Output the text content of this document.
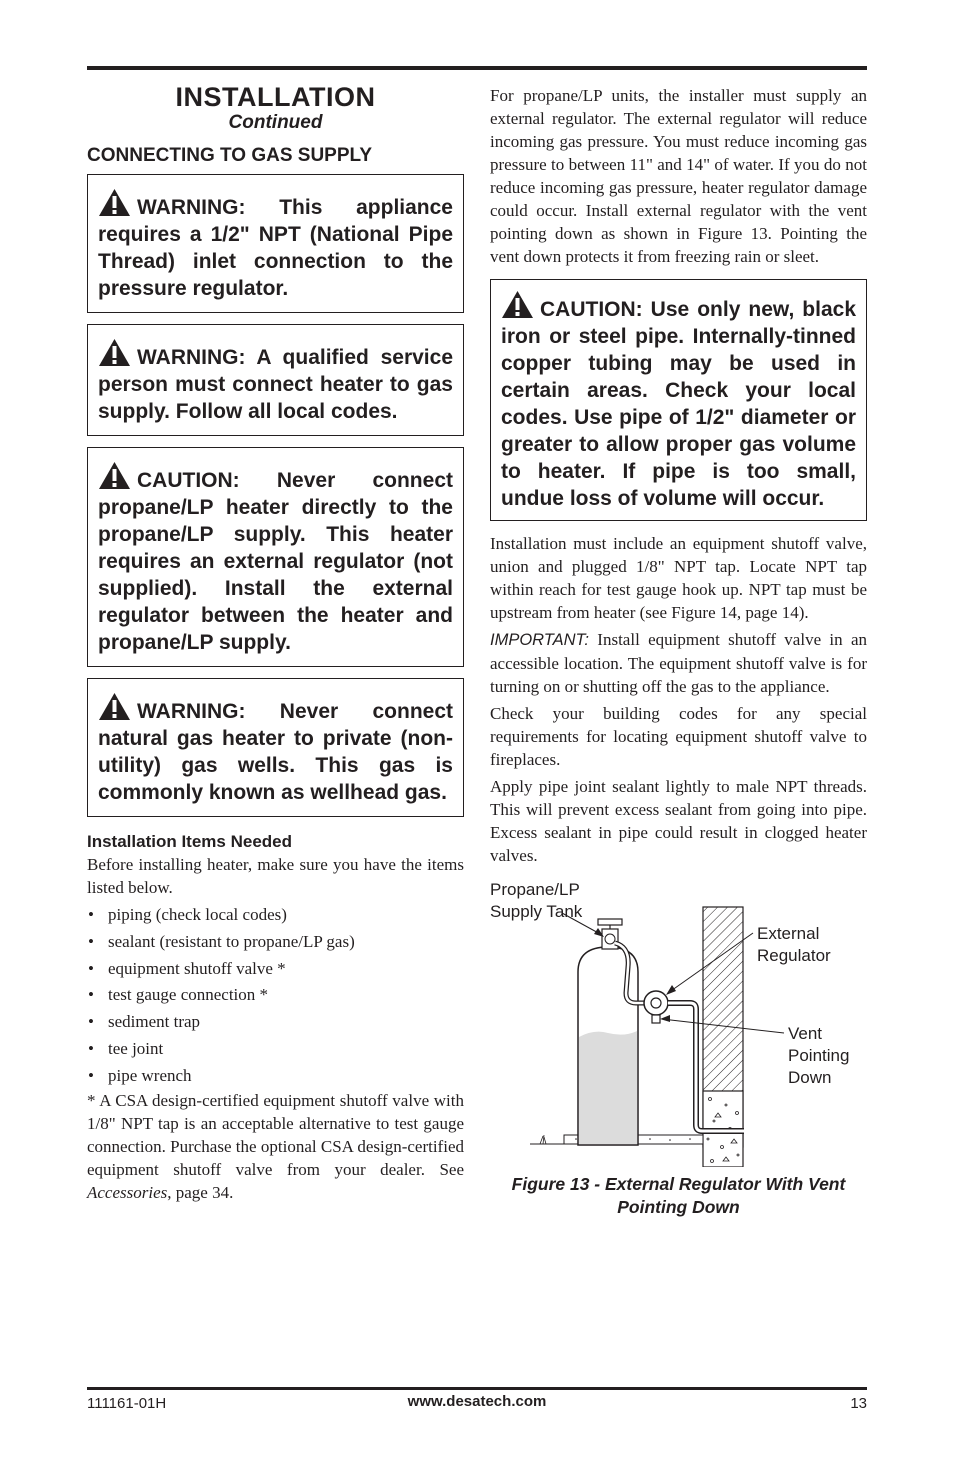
INSTALLATION
Continued
CONNECTING TO GAS SUPPLY
WARNING: This appliance requires a 1/2" NPT (National Pipe Thread) inlet connection to the pressure regulator.
WARNING: A qualified service person must connect heater to gas supply. Follow all local codes.
CAUTION: Never connect propane/LP heater directly to the propane/LP supply. This heater requires an external regulator (not supplied). Install the external regulator between the heater and propane/LP supply.
WARNING: Never connect natural gas heater to private (non-utility) gas wells. This gas is commonly known as wellhead gas.
Installation Items Needed

Before installing heater, make sure you have the items listed below.

• piping (check local codes)
• sealant (resistant to propane/LP gas)
• equipment shutoff valve *
• test gauge connection *
• sediment trap
• tee joint
• pipe wrench

* A CSA design-certified equipment shutoff valve with 1/8" NPT tap is an acceptable alternative to test gauge connection. Purchase the optional CSA design-certified equipment shutoff valve from your dealer. See Accessories, page 34.

For propane/LP units, the installer must supply an external regulator. The external regulator will reduce incoming gas pressure. You must reduce incoming gas pressure to between 11" and 14" of water. If you do not reduce incoming gas pressure, heater regulator damage could occur. Install external regulator with the vent pointing down as shown in Figure 13. Pointing the vent down protects it from freezing rain or sleet.

CAUTION: Use only new, black iron or steel pipe. Internally-tinned copper tubing may be used in certain areas. Check your local codes. Use pipe of 1/2" diameter or greater to allow proper gas volume to heater. If pipe is too small, undue loss of volume will occur.

Installation must include an equipment shutoff valve, union and plugged 1/8" NPT tap. Locate NPT tap within reach for test gauge hook up. NPT tap must be upstream from heater (see Figure 14, page 14).

IMPORTANT: Install equipment shutoff valve in an accessible location. The equipment shutoff valve is for turning on or shutting off the gas to the appliance.

Check your building codes for any special requirements for locating equipment shutoff valve to fireplaces.

Apply pipe joint sealant lightly to male NPT threads. This will prevent excess sealant from going into pipe. Excess sealant in pipe could result in clogged heater valves.

Propane/LP
Supply Tank
External
Regulator
Vent
Pointing
Down
Figure 13 - External Regulator With Vent
Pointing Down
111161-01H	www.desatech.com	13
